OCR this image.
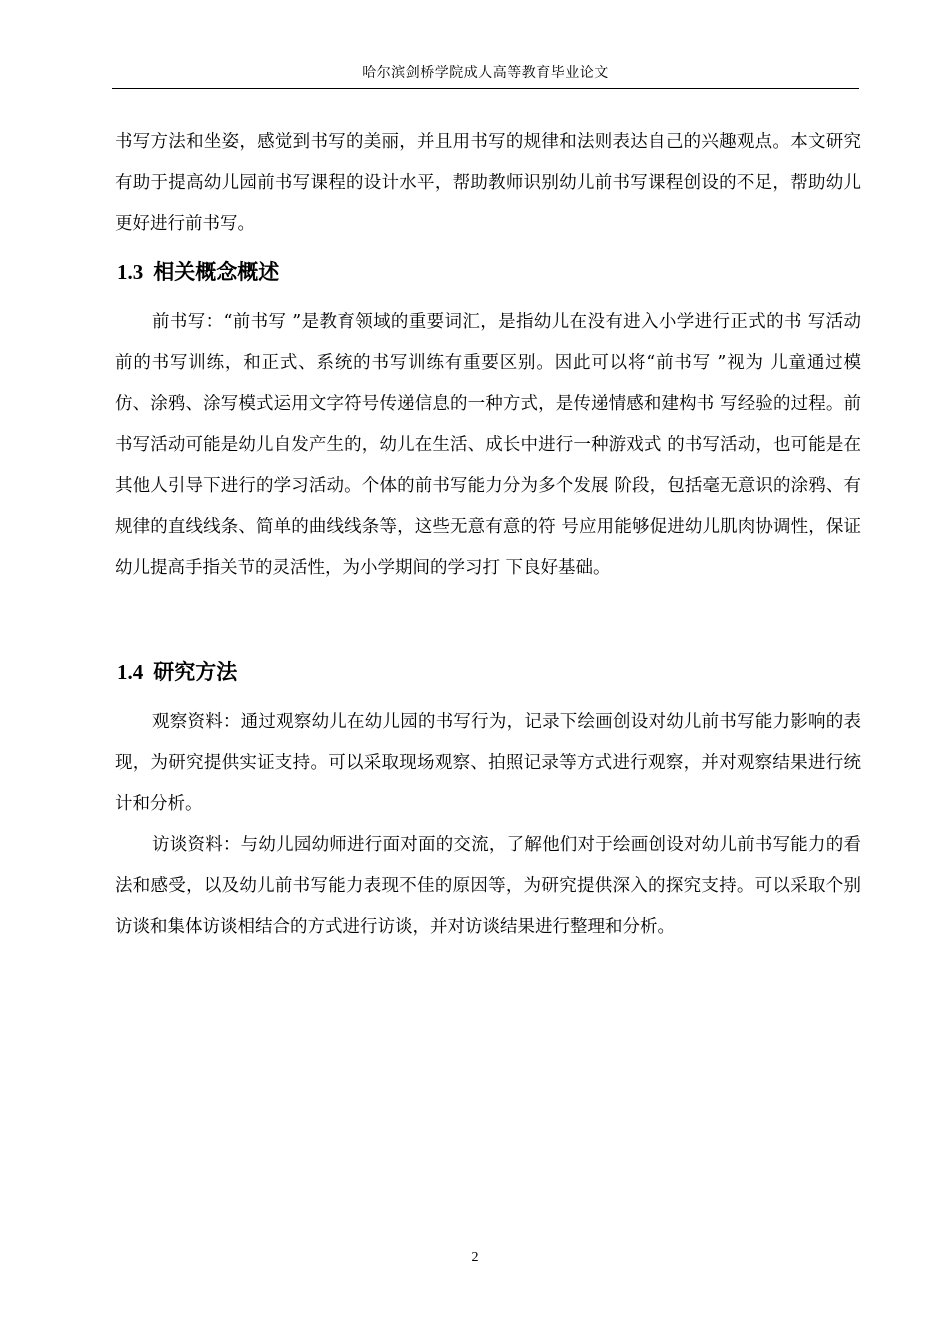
哈尔滨剑桥学院成人高等教育毕业论文

书写方法和坐姿，感觉到书写的美丽，并且用书写的规律和法则表达自己的兴趣观点。本文研究有助于提高幼儿园前书写课程的设计水平，帮助教师识别幼儿前书写课程创设的不足，帮助幼儿更好进行前书写。

1.3 相关概念概述

前书写：“前书写 ”是教育领域的重要词汇，是指幼儿在没有进入小学进行正式的书 写活动前的书写训练，和正式、系统的书写训练有重要区别。因此可以将“前书写 ”视为 儿童通过模仿、涂鸦、涂写模式运用文字符号传递信息的一种方式，是传递情感和建构书 写经验的过程。前书写活动可能是幼儿自发产生的，幼儿在生活、成长中进行一种游戏式 的书写活动，也可能是在其他人引导下进行的学习活动。个体的前书写能力分为多个发展 阶段，包括毫无意识的涂鸦、有规律的直线线条、简单的曲线线条等，这些无意有意的符 号应用能够促进幼儿肌肉协调性，保证幼儿提高手指关节的灵活性，为小学期间的学习打 下良好基础。

1.4 研究方法

观察资料：通过观察幼儿在幼儿园的书写行为，记录下绘画创设对幼儿前书写能力影响的表现，为研究提供实证支持。可以采取现场观察、拍照记录等方式进行观察，并对观察结果进行统计和分析。

访谈资料：与幼儿园幼师进行面对面的交流，了解他们对于绘画创设对幼儿前书写能力的看法和感受，以及幼儿前书写能力表现不佳的原因等，为研究提供深入的探究支持。可以采取个别访谈和集体访谈相结合的方式进行访谈，并对访谈结果进行整理和分析。

2
